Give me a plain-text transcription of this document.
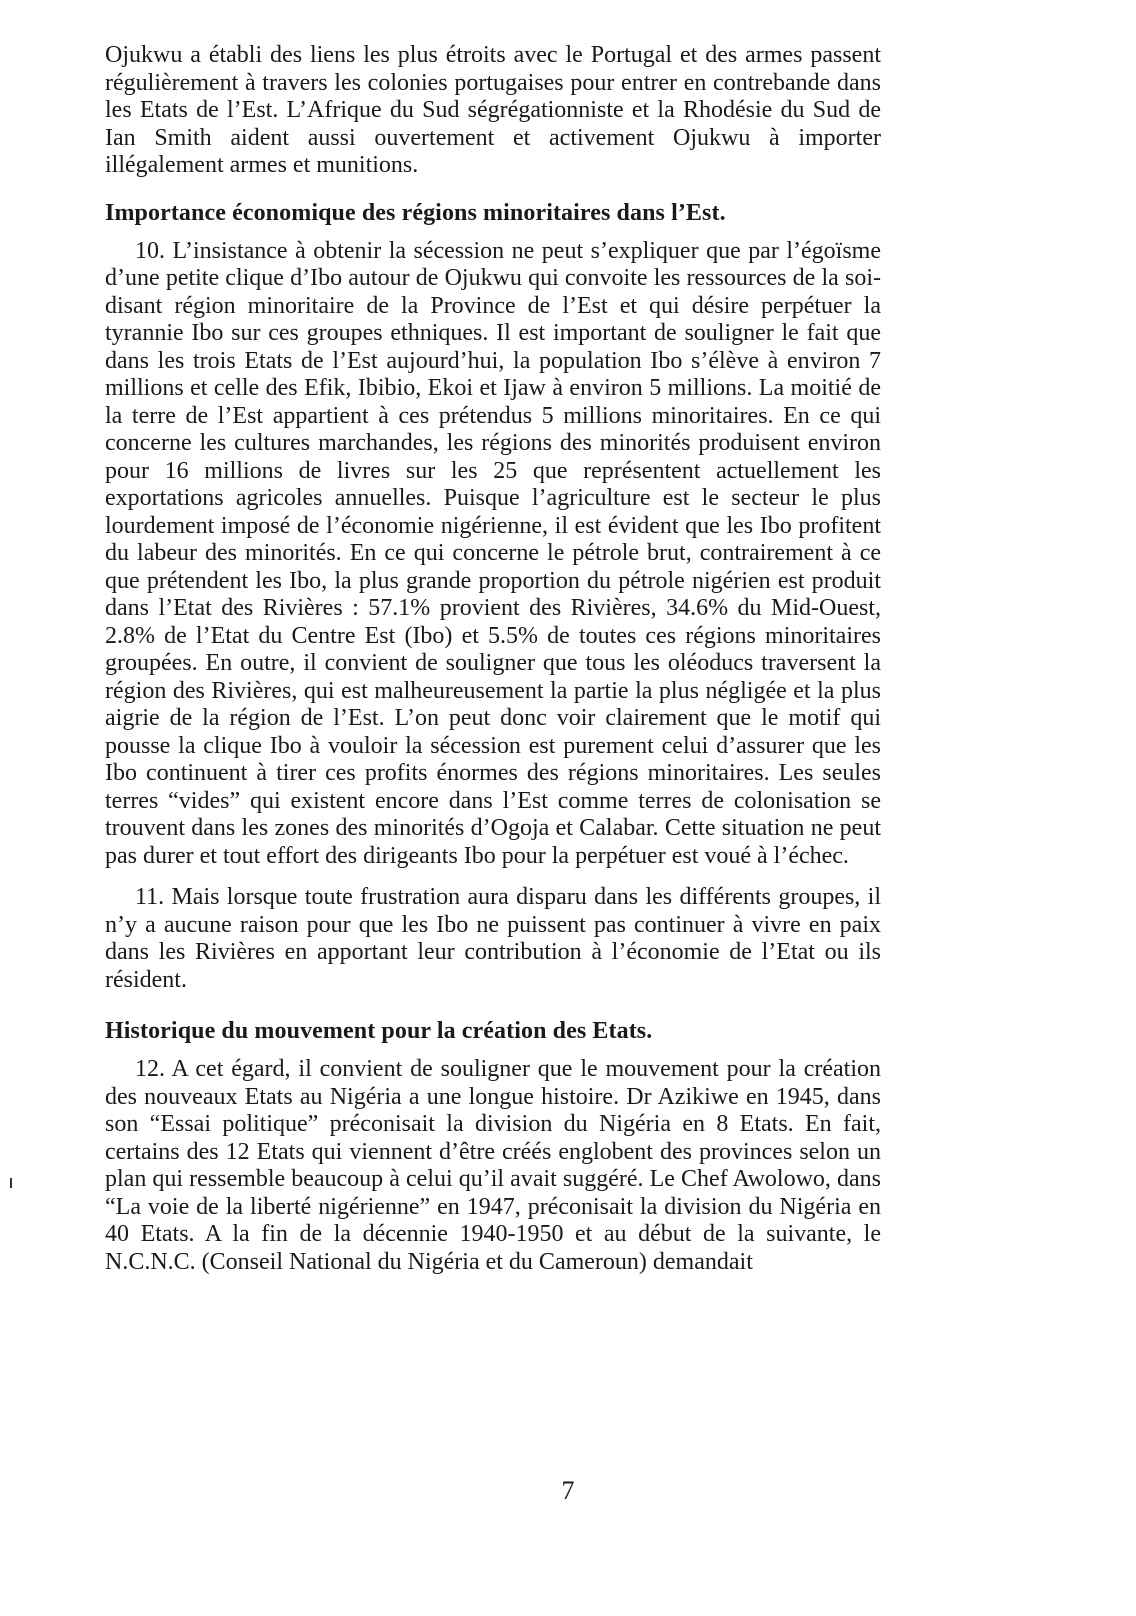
Ojukwu a établi des liens les plus étroits avec le Portugal et des armes passent régulièrement à travers les colonies portugaises pour entrer en contrebande dans les Etats de l’Est. L’Afrique du Sud ségrégationniste et la Rhodésie du Sud de Ian Smith aident aussi ouvertement et activement Ojukwu à importer illégalement armes et munitions.

Importance économique des régions minoritaires dans l’Est.

10. L’insistance à obtenir la sécession ne peut s’expliquer que par l’égoïsme d’une petite clique d’Ibo autour de Ojukwu qui convoite les ressources de la soi-disant région minoritaire de la Province de l’Est et qui désire perpétuer la tyrannie Ibo sur ces groupes ethniques. Il est important de souligner le fait que dans les trois Etats de l’Est aujourd’hui, la population Ibo s’élève à environ 7 millions et celle des Efik, Ibibio, Ekoi et Ijaw à environ 5 millions. La moitié de la terre de l’Est appartient à ces prétendus 5 millions minoritaires. En ce qui concerne les cultures marchandes, les régions des minorités produisent environ pour 16 millions de livres sur les 25 que représentent actuellement les exportations agricoles annuelles. Puisque l’agriculture est le secteur le plus lourdement imposé de l’économie nigérienne, il est évident que les Ibo profitent du labeur des minorités. En ce qui concerne le pétrole brut, contrairement à ce que prétendent les Ibo, la plus grande proportion du pétrole nigérien est produit dans l’Etat des Rivières : 57.1% provient des Rivières, 34.6% du Mid-Ouest, 2.8% de l’Etat du Centre Est (Ibo) et 5.5% de toutes ces régions minoritaires groupées. En outre, il convient de souligner que tous les oléoducs traversent la région des Rivières, qui est malheureusement la partie la plus négligée et la plus aigrie de la région de l’Est. L’on peut donc voir clairement que le motif qui pousse la clique Ibo à vouloir la sécession est purement celui d’assurer que les Ibo continuent à tirer ces profits énormes des régions minoritaires. Les seules terres “vides” qui existent encore dans l’Est comme terres de colonisation se trouvent dans les zones des minorités d’Ogoja et Calabar. Cette situation ne peut pas durer et tout effort des dirigeants Ibo pour la perpétuer est voué à l’échec.

11. Mais lorsque toute frustration aura disparu dans les différents groupes, il n’y a aucune raison pour que les Ibo ne puissent pas continuer à vivre en paix dans les Rivières en apportant leur contribution à l’économie de l’Etat ou ils résident.

Historique du mouvement pour la création des Etats.

12. A cet égard, il convient de souligner que le mouvement pour la création des nouveaux Etats au Nigéria a une longue histoire. Dr Azikiwe en 1945, dans son “Essai politique” préconisait la division du Nigéria en 8 Etats. En fait, certains des 12 Etats qui viennent d’être créés englobent des provinces selon un plan qui ressemble beaucoup à celui qu’il avait suggéré. Le Chef Awolowo, dans “La voie de la liberté nigérienne” en 1947, préconisait la division du Nigéria en 40 Etats. A la fin de la décennie 1940-1950 et au début de la suivante, le N.C.N.C. (Conseil National du Nigéria et du Cameroun) demandait

7
